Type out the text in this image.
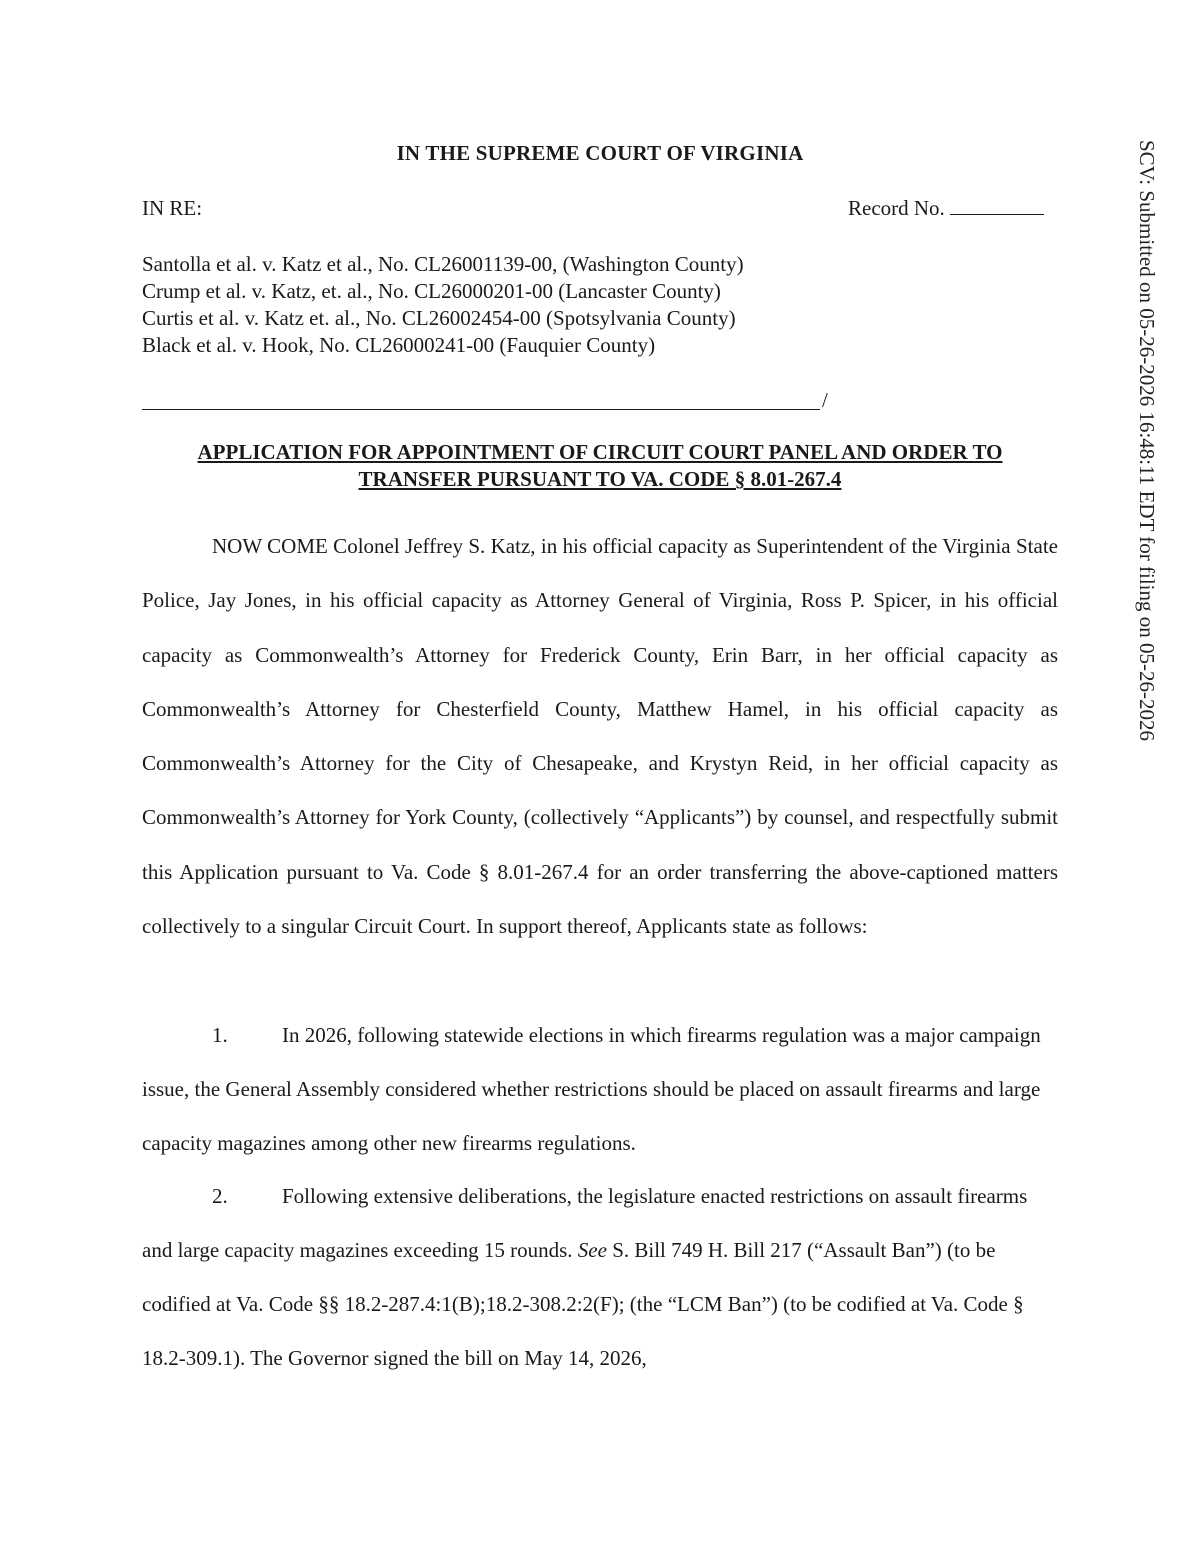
IN THE SUPREME COURT OF VIRGINIA
IN RE:	Record No.
Santolla et al. v. Katz et al., No. CL26001139-00, (Washington County)
Crump et al. v. Katz, et. al., No. CL26000201-00 (Lancaster County)
Curtis et al. v. Katz et. al., No. CL26002454-00 (Spotsylvania County)
Black et al. v. Hook, No. CL26000241-00 (Fauquier County)
/
APPLICATION FOR APPOINTMENT OF CIRCUIT COURT PANEL AND ORDER TO TRANSFER PURSUANT TO VA. CODE § 8.01-267.4

NOW COME Colonel Jeffrey S. Katz, in his official capacity as Superintendent of the Virginia State Police, Jay Jones, in his official capacity as Attorney General of Virginia, Ross P. Spicer, in his official capacity as Commonwealth’s Attorney for Frederick County, Erin Barr, in her official capacity as Commonwealth’s Attorney for Chesterfield County, Matthew Hamel, in his official capacity as Commonwealth’s Attorney for the City of Chesapeake, and Krystyn Reid, in her official capacity as Commonwealth’s Attorney for York County, (collectively “Applicants”) by counsel, and respectfully submit this Application pursuant to Va. Code § 8.01-267.4 for an order transferring the above-captioned matters collectively to a singular Circuit Court. In support thereof, Applicants state as follows:

1.	In 2026, following statewide elections in which firearms regulation was a major campaign issue, the General Assembly considered whether restrictions should be placed on assault firearms and large capacity magazines among other new firearms regulations.

2.	Following extensive deliberations, the legislature enacted restrictions on assault firearms and large capacity magazines exceeding 15 rounds. See S. Bill 749 H. Bill 217 (“Assault Ban”) (to be codified at Va. Code §§ 18.2-287.4:1(B);18.2-308.2:2(F); (the “LCM Ban”) (to be codified at Va. Code § 18.2-309.1). The Governor signed the bill on May 14, 2026,

SCV: Submitted on 05-26-2026 16:48:11 EDT for filing on 05-26-2026
